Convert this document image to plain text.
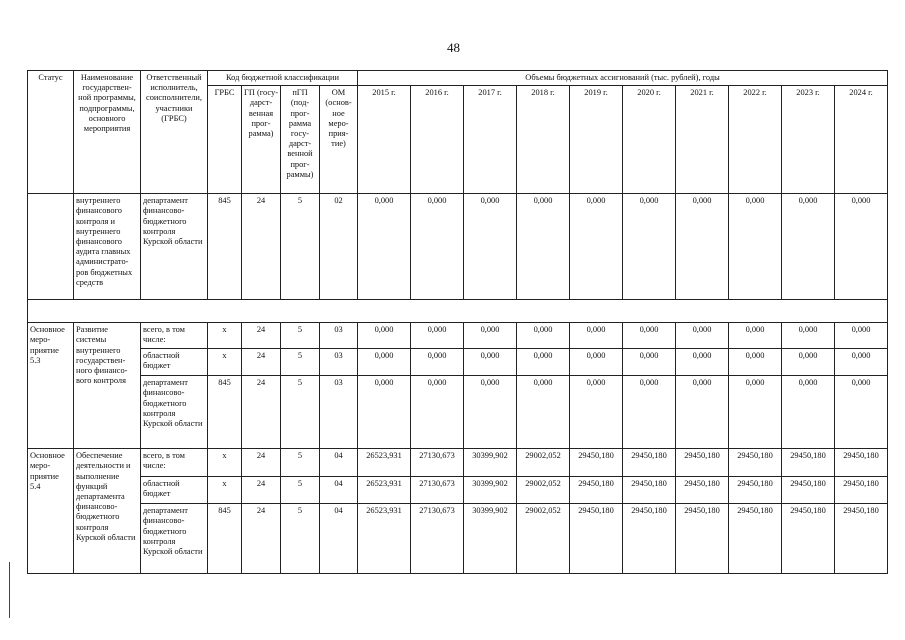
48
Статус	Наименование государствен-ной программы, подпрограммы, основного мероприятия	Ответственный исполнитель, соисполнители, участники (ГРБС)	Код бюджетной классификации				Объемы бюджетных ассигнований (тыс. рублей), годы									
			ГРБС	ГП (госу-дарст-венная прог-рамма)	пГП (под-прог-рамма госу-дарст-венной прог-раммы)	ОМ (основ-ное меро-прия-тие)	2015 г.	2016 г.	2017 г.	2018 г.	2019 г.	2020 г.	2021 г.	2022 г.	2023 г.	2024 г.
	внутреннего финансового контроля и внутреннего финансового аудита главных администрато-ров бюджетных средств	департамент финансово-бюджетного контроля Курской области	845	24	5	02	0,000	0,000	0,000	0,000	0,000	0,000	0,000	0,000	0,000	0,000

Основное меро-приятие 5.3	Развитие системы внутреннего государствен-ного финансо-вого контроля	всего, в том числе:	х	24	5	03	0,000	0,000	0,000	0,000	0,000	0,000	0,000	0,000	0,000	0,000
		областной бюджет	х	24	5	03	0,000	0,000	0,000	0,000	0,000	0,000	0,000	0,000	0,000	0,000
		департамент финансово-бюджетного контроля Курской области	845	24	5	03	0,000	0,000	0,000	0,000	0,000	0,000	0,000	0,000	0,000	0,000
Основное меро-приятие 5.4	Обеспечение деятельности и выполнение функций департамента финансово-бюджетного контроля Курской области	всего, в том числе:	х	24	5	04	26523,931	27130,673	30399,902	29002,052	29450,180	29450,180	29450,180	29450,180	29450,180	29450,180
		областной бюджет	х	24	5	04	26523,931	27130,673	30399,902	29002,052	29450,180	29450,180	29450,180	29450,180	29450,180	29450,180
		департамент финансово-бюджетного контроля Курской области	845	24	5	04	26523,931	27130,673	30399,902	29002,052	29450,180	29450,180	29450,180	29450,180	29450,180	29450,180
